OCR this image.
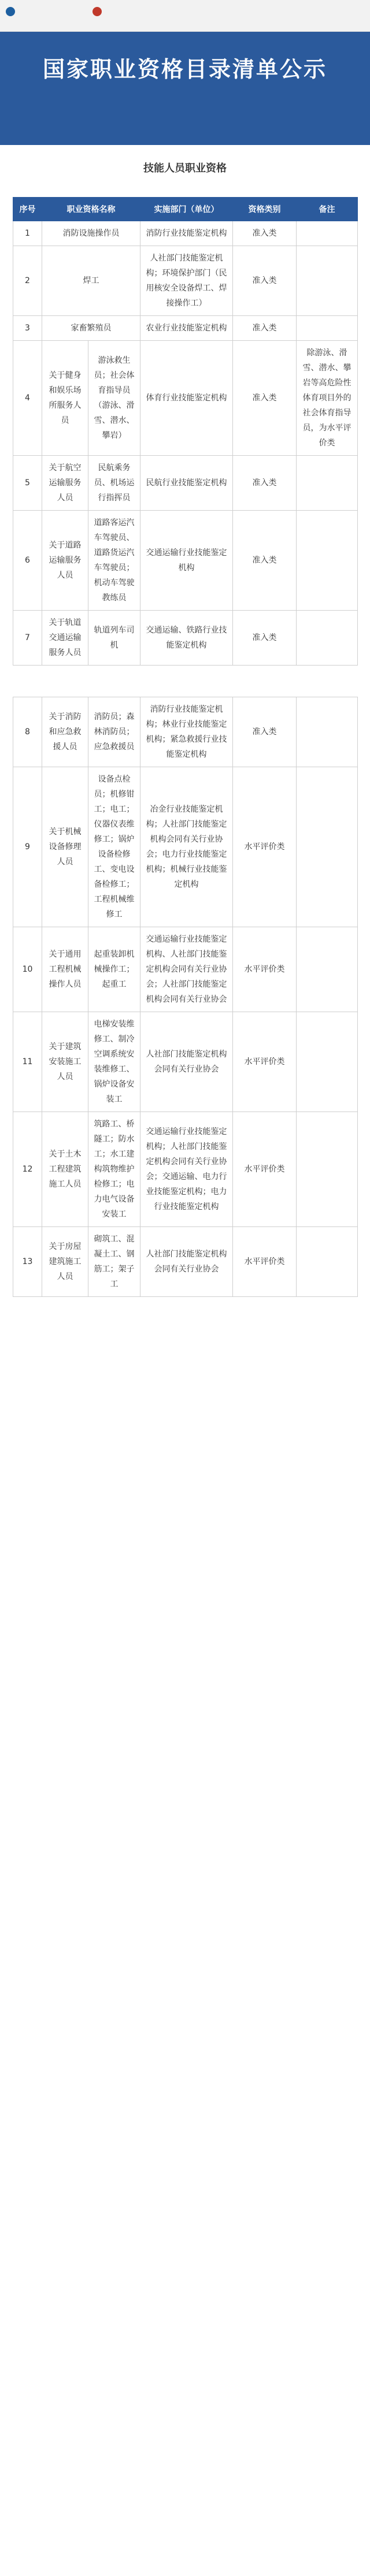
国家职业资格目录清单公示
技能人员职业资格
序号	职业资格名称		实施部门（单位）	资格类别	备注
1	消防设施操作员		消防行业技能鉴定机构	准入类	
2	焊工		人社部门技能鉴定机构；环境保护部门（民用核安全设备焊工、焊接操作工）	准入类	
3	家畜繁殖员		农业行业技能鉴定机构	准入类	
4	关于健身和娱乐场所服务人员	游泳救生员；社会体育指导员（游泳、滑雪、潜水、攀岩）	体育行业技能鉴定机构	准入类	除游泳、滑雪、潜水、攀岩等高危险性体育项目外的社会体育指导员，为水平评价类
5	关于航空运输服务人员	民航乘务员、机场运行指挥员	民航行业技能鉴定机构	准入类	
6	关于道路运输服务人员	道路客运汽车驾驶员、道路货运汽车驾驶员；机动车驾驶教练员	交通运输行业技能鉴定机构	准入类	
7	关于轨道交通运输服务人员	轨道列车司机	交通运输、铁路行业技能鉴定机构	准入类	
8	关于消防和应急救援人员	消防员；森林消防员；应急救援员	消防行业技能鉴定机构；林业行业技能鉴定机构；紧急救援行业技能鉴定机构	准入类	
9	关于机械设备修理人员	设备点检员；机修钳工；电工；仪器仪表维修工；锅炉设备检修工、变电设备检修工；工程机械维修工	冶金行业技能鉴定机构；人社部门技能鉴定机构会同有关行业协会；电力行业技能鉴定机构；机械行业技能鉴定机构	水平评价类	
10	关于通用工程机械操作人员	起重装卸机械操作工；起重工	交通运输行业技能鉴定机构、人社部门技能鉴定机构会同有关行业协会；人社部门技能鉴定机构会同有关行业协会	水平评价类	
11	关于建筑安装施工人员	电梯安装维修工、制冷空调系统安装维修工、锅炉设备安装工	人社部门技能鉴定机构会同有关行业协会	水平评价类	
12	关于土木工程建筑施工人员	筑路工、桥隧工；防水工；水工建构筑物维护检修工；电力电气设备安装工	交通运输行业技能鉴定机构；人社部门技能鉴定机构会同有关行业协会；交通运输、电力行业技能鉴定机构；电力行业技能鉴定机构	水平评价类	
13	关于房屋建筑施工人员	砌筑工、混凝土工、钢筋工；架子工	人社部门技能鉴定机构会同有关行业协会	水平评价类	
